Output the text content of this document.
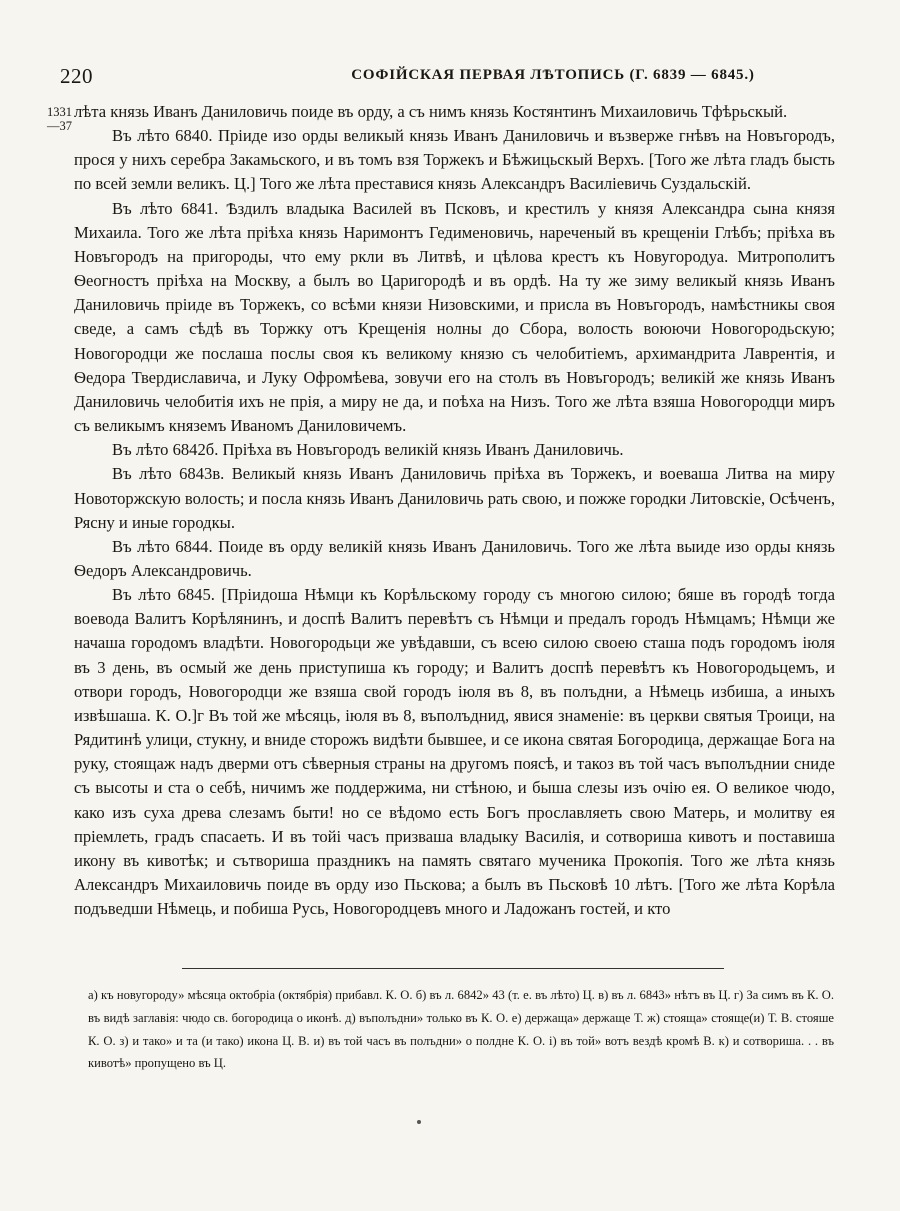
220	СОФІЙСКАЯ ПЕРВАЯ ЛѢТОПИСЬ (Г. 6839 — 6845.)
1331
—37

лѣта князь Иванъ Даниловичь поиде въ орду, а съ нимъ князь Костянтинъ Михаиловичь Тфѣрьскый.

Въ лѣто 6840. Прiиде изо орды великый князь Иванъ Даниловичь и възверже гнѣвъ на Новъгородъ, прося у нихъ серебра Закамьского, и въ томъ взя Торжекъ и Бѣжицьскый Верхъ. [Того же лѣта гладъ бысть по всей земли великъ. Ц.] Того же лѣта преставися князь Александръ Василiевичь Суздальскiй.

Въ лѣто 6841. Ѣздилъ владыка Василей въ Псковъ, и крестилъ у князя Александра сына князя Михаила. Того же лѣта прiѣха князь Наримонтъ Гедименовичь, нареченый въ крещенiи Глѣбъ; прiѣха въ Новъгородъ на пригороды, что ему ркли въ Литвѣ, и цѣлова крестъ къ Новугородуа. Митрополитъ Ѳеогностъ прiѣха на Москву, а былъ во Царигородѣ и въ ордѣ. На ту же зиму великый князь Иванъ Даниловичь прiиде въ Торжекъ, со всѣми князи Низовскими, и присла въ Новъгородъ, намѣстникы своя сведе, а самъ сѣдѣ въ Торжку отъ Крещенiя нолны до Сбора, волость воюючи Новогородьскую; Новогородци же послаша послы своя къ великому князю съ челобитiемъ, архимандрита Лаврентiя, и Ѳедора Твердиславича, и Луку Офромѣева, зовучи его на столъ въ Новъгородъ; великiй же князь Иванъ Даниловичь челобитiя ихъ не прiя, а миру не да, и поѣха на Низъ. Того же лѣта взяша Новогородци миръ съ великымъ княземъ Иваномъ Даниловичемъ.

Въ лѣто 6842б. Прiѣха въ Новъгородъ великiй князь Иванъ Даниловичь.

Въ лѣто 6843в. Великый князь Иванъ Даниловичь прiѣха въ Торжекъ, и воеваша Литва на миру Новоторжскую волость; и посла князь Иванъ Даниловичь рать свою, и пожже городки Литовскiе, Осѣченъ, Рясну и иные городкы.

Въ лѣто 6844. Поиде въ орду великiй князь Иванъ Даниловичь. Того же лѣта выиде изо орды князь Ѳедоръ Александровичь.

Въ лѣто 6845. [Прiидоша Нѣмци къ Корѣльскому городу съ многою силою; бяше въ городѣ тогда воевода Валитъ Корѣлянинъ, и доспѣ Валитъ перевѣтъ съ Нѣмци и предалъ городъ Нѣмцамъ; Нѣмци же начаша городомъ владѣти. Новогородьци же увѣдавши, съ всею силою своею сташа подъ городомъ iюля въ 3 день, въ осмый же день приступиша къ городу; и Валитъ доспѣ перевѣтъ къ Новогородьцемъ, и отвори городъ, Новогородци же взяша свой городъ iюля въ 8, въ полъдни, а Нѣмець избиша, а иныхъ извѣшаша. К. О.]г Въ той же мѣсяць, iюля въ 8, въполъднид, явися знаменiе: въ церкви святыя Троици, на Рядитинѣ улици, стукну, и вниде сторожъ видѣти бывшее, и се икона святая Богородица, держащае Бога на руку, стоящаж надъ дверми отъ сѣверныя страны на другомъ поясѣ, и такоз въ той часъ въполъднии сниде съ высоты и ста о себѣ, ничимъ же поддержима, ни стѣною, и быша слезы изъ очiю ея. О великое чюдо, како изъ суха древа слезамъ быти! но се вѣдомо есть Богъ прославляеть свою Матерь, и молитву ея прiемлеть, градъ спасаеть. И въ тойi часъ призваша владыку Василiя, и сотвориша кивотъ и поставиша икону въ кивотѣк; и сътвориша праздникъ на память святаго мученика Прокопiя. Того же лѣта князь Александръ Михаиловичь поиде въ орду изо Пьскова; а былъ въ Пьсковѣ 10 лѣтъ. [Того же лѣта Корѣла подъведши Нѣмець, и побиша Русь, Новогородцевъ много и Ладожанъ гостей, и кто

а) къ новугороду» мѣсяца октобрiа (октябрiя) прибавл. К. О. б) въ л. 6842» 43 (т. е. въ лѣто) Ц. в) въ л. 6843» нѣтъ въ Ц. г) За симъ въ К. О. въ видѣ заглавiя: чюдо св. богородица о иконѣ. д) въполъдни» только въ К. О. е) держаща» держаще Т. ж) стояща» стояще(и) Т. В. стояше К. О. з) и тако» и та (и тако) икона Ц. В. и) въ той часъ въ полъдни» о полдне К. О. i) въ той» вотъ вездѣ кромѣ В. к) и сотвориша. . . въ кивотѣ» пропущено въ Ц.
